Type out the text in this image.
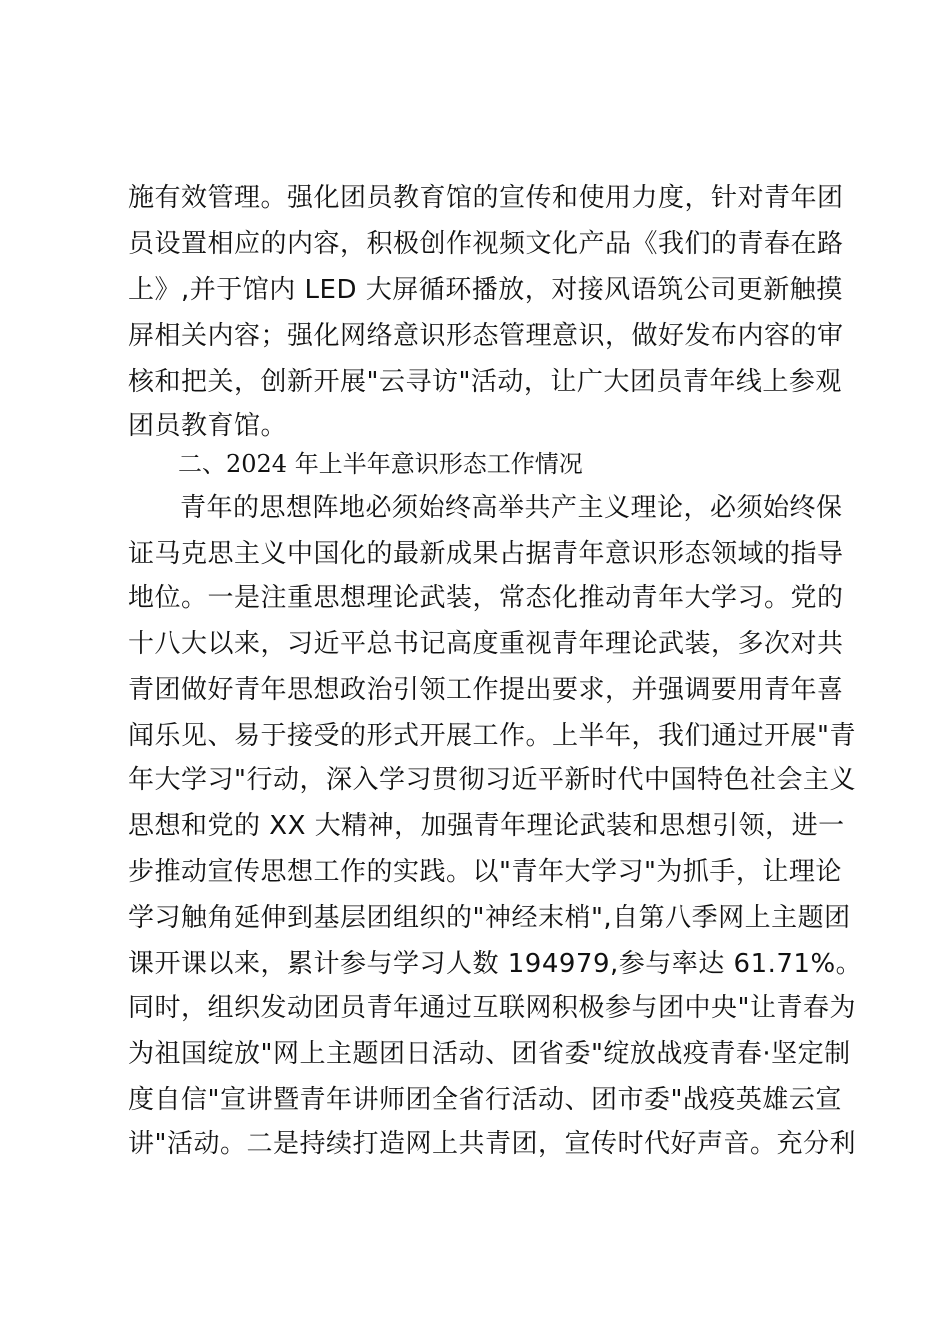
施有效管理。强化团员教育馆的宣传和使用力度，针对青年团
员设置相应的内容，积极创作视频文化产品《我们的青春在路
上》,并于馆内 LED 大屏循环播放，对接风语筑公司更新触摸
屏相关内容；强化网络意识形态管理意识，做好发布内容的审
核和把关，创新开展"云寻访"活动，让广大团员青年线上参观
团员教育馆。
二、2024 年上半年意识形态工作情况
青年的思想阵地必须始终高举共产主义理论，必须始终保
证马克思主义中国化的最新成果占据青年意识形态领域的指导
地位。一是注重思想理论武装，常态化推动青年大学习。党的
十八大以来，习近平总书记高度重视青年理论武装，多次对共
青团做好青年思想政治引领工作提出要求，并强调要用青年喜
闻乐见、易于接受的形式开展工作。上半年，我们通过开展"青
年大学习"行动，深入学习贯彻习近平新时代中国特色社会主义
思想和党的 XX 大精神，加强青年理论武装和思想引领，进一
步推动宣传思想工作的实践。以"青年大学习"为抓手，让理论
学习触角延伸到基层团组织的"神经末梢",自第八季网上主题团
课开课以来，累计参与学习人数 194979,参与率达 61.71%。
同时，组织发动团员青年通过互联网积极参与团中央"让青春为
为祖国绽放"网上主题团日活动、团省委"绽放战疫青春·坚定制
度自信"宣讲暨青年讲师团全省行活动、团市委"战疫英雄云宣
讲"活动。二是持续打造网上共青团，宣传时代好声音。充分利
